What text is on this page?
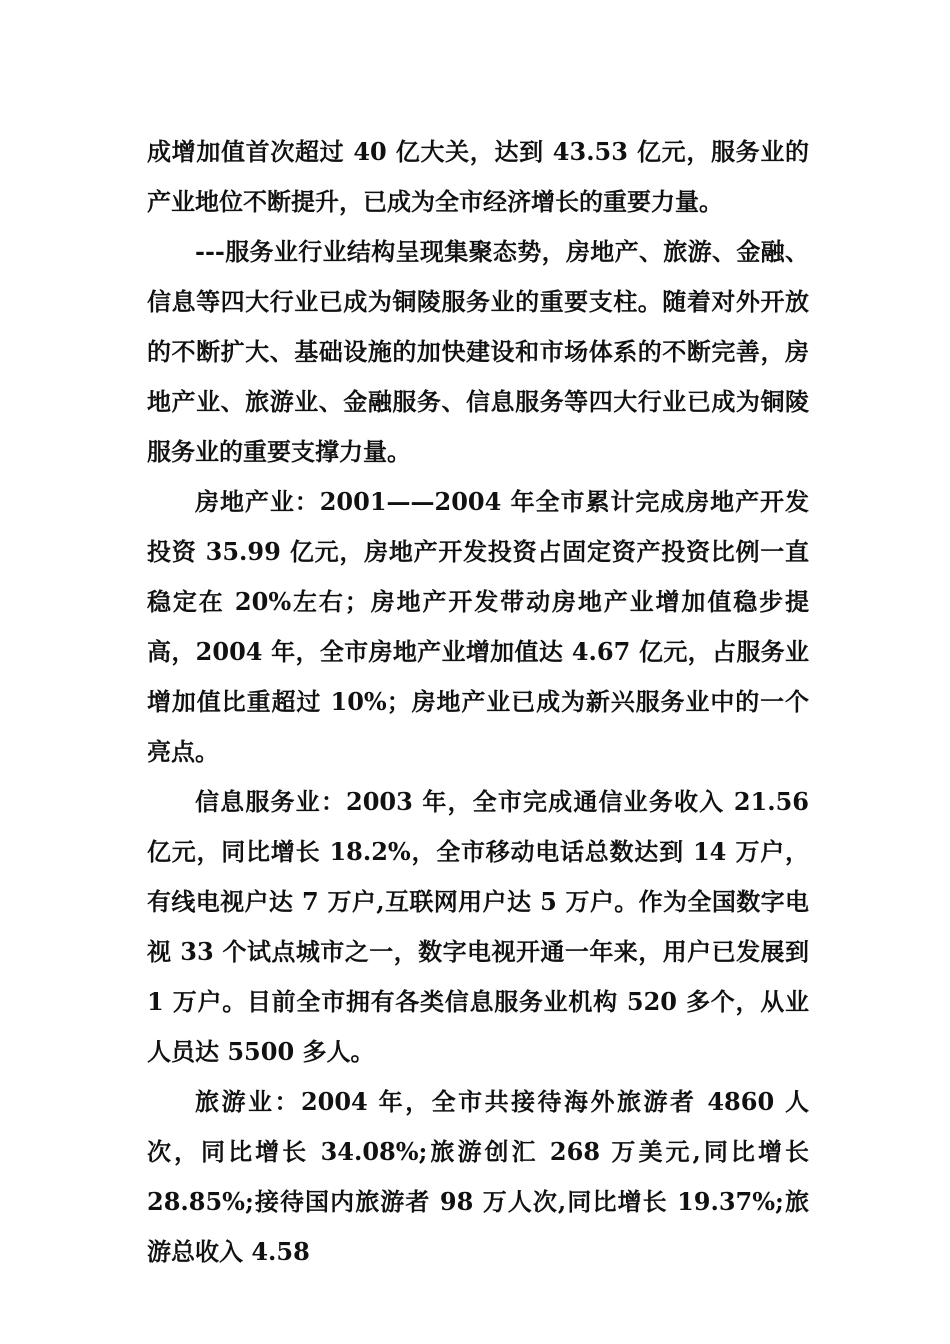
成增加值首次超过 40 亿大关，达到 43.53 亿元，服务业的产业地位不断提升，已成为全市经济增长的重要力量。

---服务业行业结构呈现集聚态势，房地产、旅游、金融、信息等四大行业已成为铜陵服务业的重要支柱。随着对外开放的不断扩大、基础设施的加快建设和市场体系的不断完善，房地产业、旅游业、金融服务、信息服务等四大行业已成为铜陵服务业的重要支撑力量。

房地产业：2001——2004 年全市累计完成房地产开发投资 35.99 亿元，房地产开发投资占固定资产投资比例一直稳定在 20%左右；房地产开发带动房地产业增加值稳步提高，2004 年，全市房地产业增加值达 4.67 亿元，占服务业增加值比重超过 10%；房地产业已成为新兴服务业中的一个亮点。

信息服务业：2003 年，全市完成通信业务收入 21.56 亿元，同比增长 18.2%，全市移动电话总数达到 14 万户，有线电视户达 7 万户,互联网用户达 5 万户。作为全国数字电视 33 个试点城市之一，数字电视开通一年来，用户已发展到 1 万户。目前全市拥有各类信息服务业机构 520 多个，从业人员达 5500 多人。

旅游业：2004 年，全市共接待海外旅游者 4860 人次，同比增长 34.08%;旅游创汇 268 万美元,同比增长 28.85%;接待国内旅游者 98 万人次,同比增长 19.37%;旅游总收入 4.58
